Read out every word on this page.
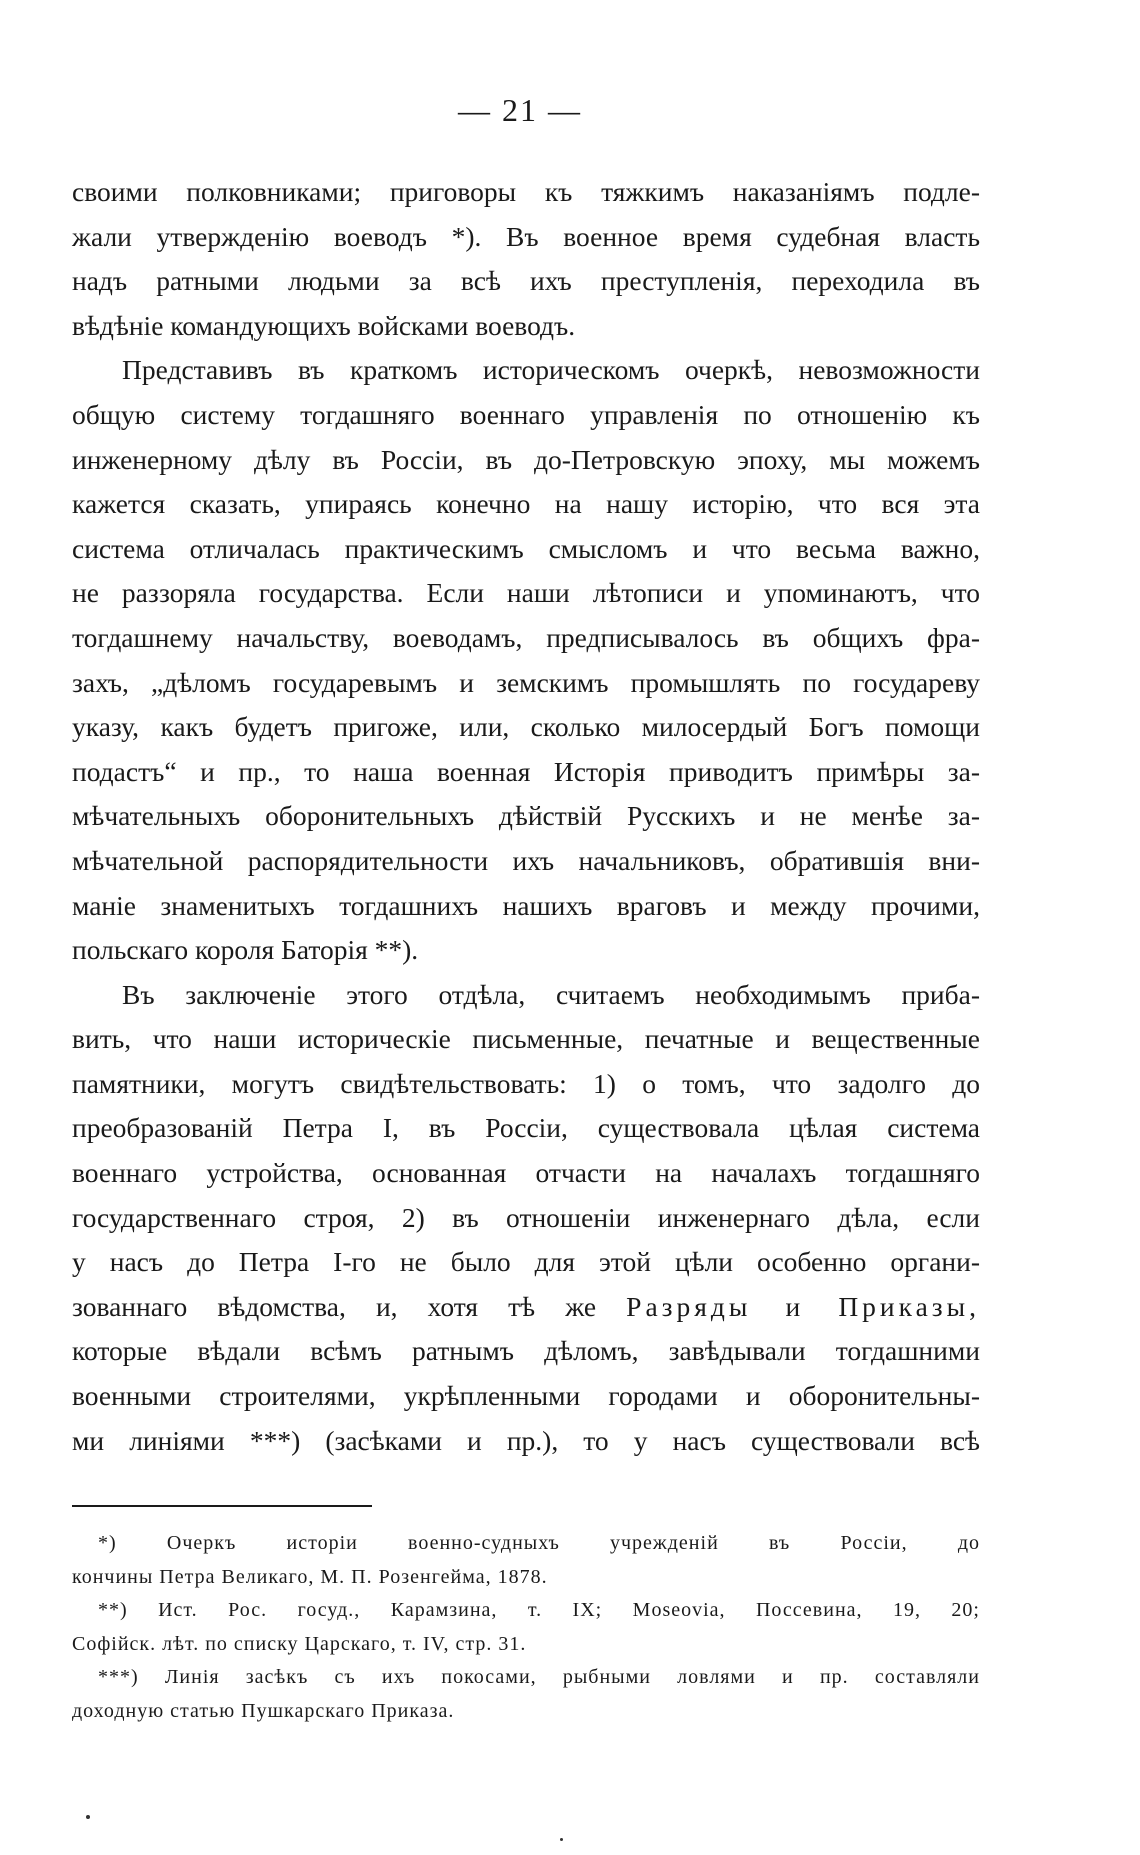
— 21 —

своими полковниками; приговоры къ тяжкимъ наказаніямъ подле-
жали утвержденію воеводъ *). Въ военное время судебная власть
надъ ратными людьми за всѣ ихъ преступленія, переходила въ
вѣдѣніе командующихъ войсками воеводъ.

Представивъ въ краткомъ историческомъ очеркѣ, невозможности
общую систему тогдашняго военнаго управленія по отношенію къ
инженерному дѣлу въ Россіи, въ до-Петровскую эпоху, мы можемъ
кажется сказать, упираясь конечно на нашу исторію, что вся эта
система отличалась практическимъ смысломъ и что весьма важно,
не раззоряла государства. Если наши лѣтописи и упоминаютъ, что
тогдашнему начальству, воеводамъ, предписывалось въ общихъ фра-
захъ, „дѣломъ государевымъ и земскимъ промышлять по государеву
указу, какъ будетъ пригоже, или, сколько милосердый Богъ помощи
подастъ“ и пр., то наша военная Исторія приводитъ примѣры за-
мѣчательныхъ оборонительныхъ дѣйствій Русскихъ и не менѣе за-
мѣчательной распорядительности ихъ начальниковъ, обратившія вни-
маніе знаменитыхъ тогдашнихъ нашихъ враговъ и между прочими,
польскаго короля Баторія **).

Въ заключеніе этого отдѣла, считаемъ необходимымъ приба-
вить, что наши историческіе письменные, печатные и вещественные
памятники, могутъ свидѣтельствовать: 1) о томъ, что задолго до
преобразованій Петра I, въ Россіи, существовала цѣлая система
военнаго устройства, основанная отчасти на началахъ тогдашняго
государственнаго строя, 2) въ отношеніи инженернаго дѣла, если
у насъ до Петра I-го не было для этой цѣли особенно органи-
зованнаго вѣдомства, и, хотя тѣ же Разряды и Приказы,
которые вѣдали всѣмъ ратнымъ дѣломъ, завѣдывали тогдашними
военными строителями, укрѣпленными городами и оборонительны-
ми линіями ***) (засѣками и пр.), то у насъ существовали всѣ

*) Очеркъ исторіи военно-судныхъ учрежденій въ Россіи, до
кончины Петра Великаго, М. П. Розенгейма, 1878.
**) Ист. Рос. госуд., Карамзина, т. IX; Moseovia, Поссевина, 19, 20;
Софійск. лѣт. по списку Царскаго, т. IV, стр. 31.
***) Линія засѣкъ съ ихъ покосами, рыбными ловлями и пр. составляли
доходную статью Пушкарскаго Приказа.
